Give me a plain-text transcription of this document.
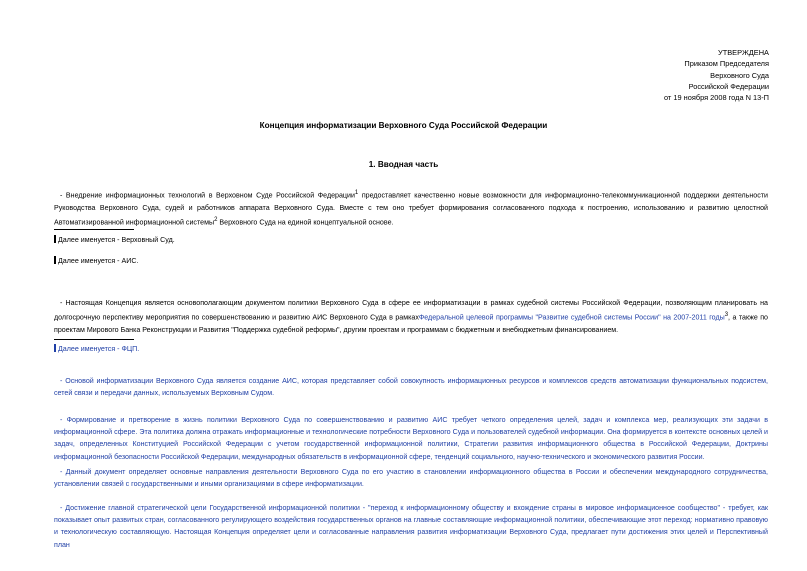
УТВЕРЖДЕНА
Приказом Председателя
Верховного Суда
Российской Федерации
от 19 ноября 2008 года N 13-П
Концепция информатизации Верховного Суда Российской Федерации
1. Вводная часть

- Внедрение информационных технологий в Верховном Суде Российской Федерации$^1$ предоставляет качественно новые возможности для информационно-телекоммуникационной поддержки деятельности Руководства Верховного Суда, судей и работников аппарата Верховного Суда. Вместе с тем оно требует формирования согласованного подхода к построению, использованию и развитию целостной Автоматизированной информационной системы$^2$ Верховного Суда на единой концептуальной основе.

Далее именуется - Верховный Суд.
Далее именуется - АИС.

- Настоящая Концепция является основополагающим документом политики Верховного Суда в сфере ее информатизации в рамках судебной системы Российской Федерации, позволяющим планировать на долгосрочную перспективу мероприятия по совершенствованию и развитию АИС Верховного Суда в рамкахФедеральной целевой программы "Развитие судебной системы России" на 2007-2011 годы$^3$, а также по проектам Мирового Банка Реконструкции и Развития "Поддержка судебной реформы", другим проектам и программам с бюджетным и внебюджетным финансированием.

Далее именуется - ФЦП.

- Основой информатизации Верховного Суда является создание АИС, которая представляет собой совокупность информационных ресурсов и комплексов средств автоматизации функциональных подсистем, сетей связи и передачи данных, используемых Верховным Судом.

- Формирование и претворение в жизнь политики Верховного Суда по совершенствованию и развитию АИС требует четкого определения целей, задач и комплекса мер, реализующих эти задачи в информационной сфере. Эта политика должна отражать информационные и технологические потребности Верховного Суда и пользователей судебной информации. Она формируется в контексте основных целей и задач, определенных Конституцией Российской Федерации с учетом государственной информационной политики, Стратегии развития информационного общества в Российской Федерации, Доктрины информационной безопасности Российской Федерации, международных обязательств в информационной сфере, тенденций социального, научно-технического и экономического развития России.

- Данный документ определяет основные направления деятельности Верховного Суда по его участию в становлении информационного общества в России и обеспечении международного сотрудничества, установлении связей с государственными и иными организациями в сфере информатизации.

- Достижение главной стратегической цели Государственной информационной политики - "переход к информационному обществу и вхождение страны в мировое информационное сообщество" - требует, как показывает опыт развитых стран, согласованного регулирующего воздействия государственных органов на главные составляющие информационной политики, обеспечивающие этот переход: нормативно правовую и технологическую составляющую. Настоящая Концепция определяет цели и согласованные направления развития информатизации Верховного Суда, предлагает пути достижения этих целей и Перспективный план
